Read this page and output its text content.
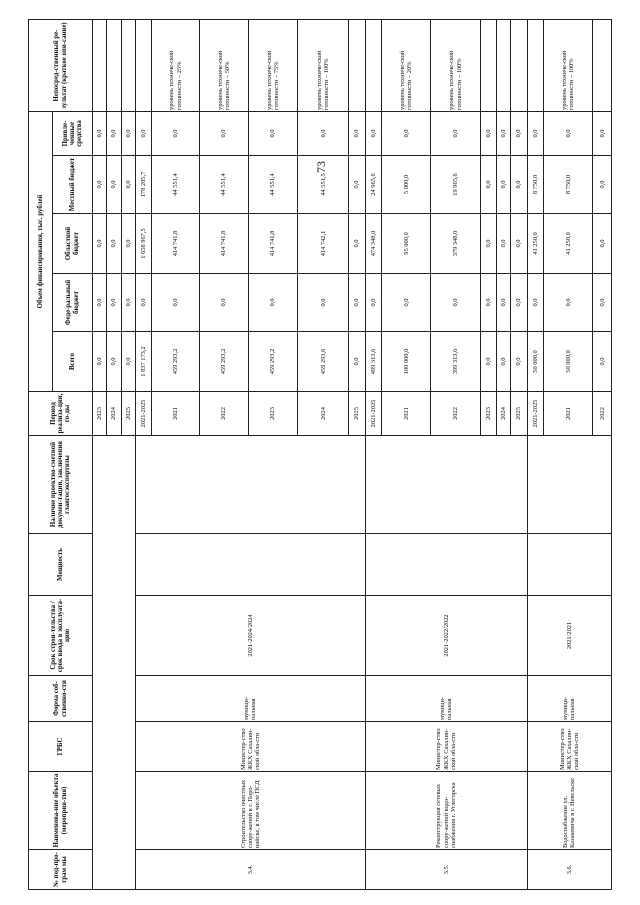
73
№ под-про-грам мы	Наименова-ние объекта (мероприя-тия)	ГРБС	Форма соб-ственно-сти	Срок строи-тельства / срок ввода в эксплуата-цию	Мощность	Наличие проектно-сметной докумен-тации, заключения главгосэкспертизы	Период реализа-ции, го-ды	Объем финансирования, тыс. рублей					Непосред-ственный ре-зультат (краткое опи-сание)
								Всего	Феде-ральный бюджет	Областной бюджет	Местный бюджет	Привле-ченные средства	
							2023	0,0	0,0	0,0	0,0	0,0	
							2024	0,0	0,0	0,0	0,0	0,0	
							2025	0,0	0,0	0,0	0,0	0,0	
3.4.	Строительство очистных соору-жений в г. Поро-найске, в том числе ПСД	Министер-ство ЖКХ Сахалин-ской обла-сти	муници-пальная	2021-2024/2024			2021-2025	1 837 173,2	0,0	1 658 967,5	178 205,7	0,0	
							2021	459 293,2	0,0	414 741,8	44 551,4	0,0	уровень техниче-ской готовности – 25%
							2022	459 293,2	0,0	414 741,8	44 551,4	0,0	уровень техниче-ской готовности – 50%
							2023	459 293,2	0,0	414 741,8	44 551,4	0,0	уровень техниче-ской готовности – 75%
							2024	459 293,6	0,0	414 742,1	44 551,5	0,0	уровень техниче-ской готовности – 100%
							2025	0,0	0,0	0,0	0,0	0,0	
3.5.	Реконструкция сетевых соору-жений водо-снабжения г. Углегорска	Министер-ство ЖКХ Сахалин-ской обла-сти	муници-пальная	2021-2022/2022			2021-2025	499 313,6	0,0	474 348,0	24 965,6	0,0	
							2021	100 000,0	0,0	95 000,0	5 000,0	0,0	уровень техниче-ской готовности – 20%
							2022	399 313,6	0,0	379 348,0	19 965,6	0,0	уровень техниче-ской готовности – 100%
							2023	0,0	0,0	0,0	0,0	0,0	
							2024	0,0	0,0	0,0	0,0	0,0	
							2025	0,0	0,0	0,0	0,0	0,0	
3.6.	Водоснабжение ул. Казакевича в г. Невельске	Министер-ство ЖКХ Сахалин-ской обла-сти	муници-пальная	2021/2021			2021-2025	50 000,0	0,0	41 250,0	8 750,0	0,0	
							2021	50 000,0	0,0	41 250,0	8 750,0	0,0	уровень техниче-ской готовности – 100%
							2022	0,0	0,0	0,0	0,0	0,0	
